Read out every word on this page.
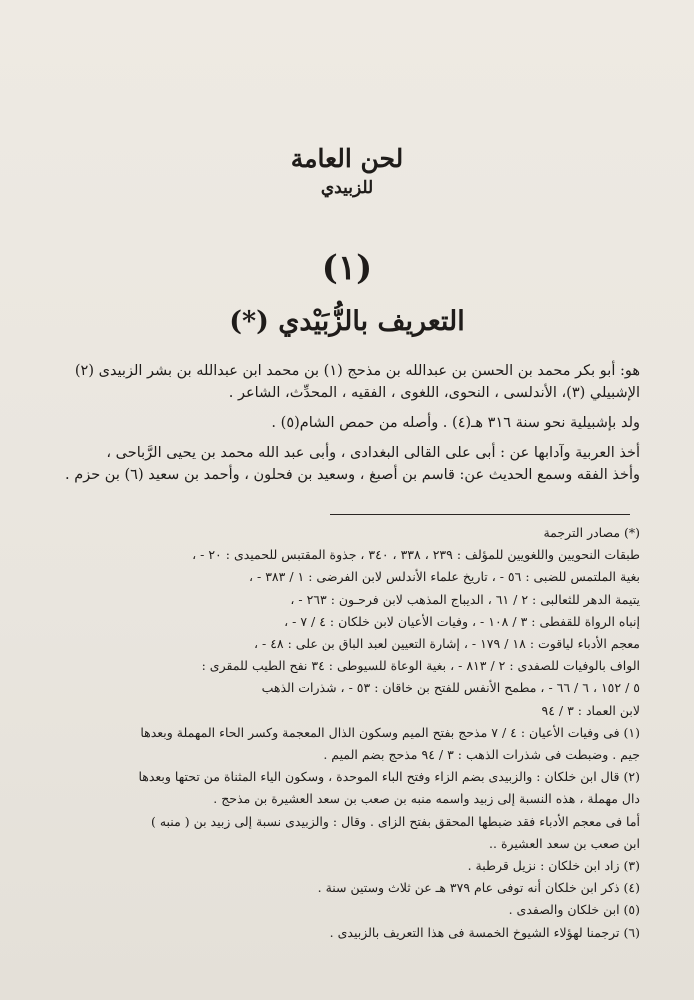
لحن العامة
للزبيدي
(١)
التعريف بالزُّبَيْدي (*)

هو: أبو بكر محمد بن الحسن بن عبدالله بن مذحج (١) بن محمد ابن عبدالله بن بشر الزبيدى (٢)

الإشبيلي (٣)، الأندلسى ، النحوى، اللغوى ، الفقيه ، المحدِّث، الشاعر .

ولد بإشبيلية نحو سنة ٣١٦ هـ(٤) . وأصله من حمص الشام(٥) .

أخذ العربية وآدابها عن : أبى على القالى البغدادى ، وأبى عبد الله محمد بن يحيى الرَّباحى ،

وأخذ الفقه وسمع الحديث عن: قاسم بن أصبغ ، وسعيد بن فحلون ، وأحمد بن سعيد (٦) بن حزم .

(*) مصادر الترجمة

طبقات النحويين واللغويين للمؤلف : ٢٣٩ ، ٣٣٨ ، ٣٤٠ ، جذوة المقتبس للحميدى : ٢٠ - ،

بغية الملتمس للضبى : ٥٦ - ، تاريخ علماء الأندلس لابن الفرضى : ١ / ٣٨٣ - ،

يتيمة الدهر للثعالبى : ٢ / ٦١ ، الديباج المذهب لابن فرحـون : ٢٦٣ - ،

إنباه الرواة للقفطى : ٣ / ١٠٨ - ، وفيات الأعيان لابن خلكان : ٤ / ٧ - ،

معجم الأدباء لياقوت : ١٨ / ١٧٩ - ، إشارة التعيين لعبد الباق بن على : ٤٨ - ،

الواف بالوفيات للصفدى : ٢ / ٨١٣ - ، بغية الوعاة للسيوطى : ٣٤ نفح الطيب للمقرى :

٥ / ١٥٢ ، ٦ / ٦٦ - ، مطمح الأنفس للفتح بن خاقان : ٥٣ - ، شذرات الذهب

لابن العماد : ٣ / ٩٤

(١) فى وفيات الأعيان : ٤ / ٧ مذحج بفتح الميم وسكون الذال المعجمة وكسر الحاء المهملة وبعدها

جيم . وضبطت فى شذرات الذهب : ٣ / ٩٤ مذحج بضم الميم .

(٢) قال ابن خلكان : والزبيدى بضم الزاء وفتح الباء الموحدة ، وسكون الياء المثناة من تحتها وبعدها

دال مهملة ، هذه النسبة إلى زبيد واسمه منبه بن صعب بن سعد العشيرة بن مذحج .

أما فى معجم الأدباء فقد ضبطها المحقق بفتح الزاى . وقال : والزبيدى نسبة إلى زبيد بن ( منبه )

ابن صعب بن سعد العشيرة ..

(٣) زاد ابن خلكان : نزيل قرطبة .

(٤) ذكر ابن خلكان أنه توفى عام ٣٧٩ هـ عن ثلاث وستين سنة .

(٥) ابن خلكان والصفدى .

(٦) ترجمنا لهؤلاء الشيوخ الخمسة فى هذا التعريف بالزبيدى .
